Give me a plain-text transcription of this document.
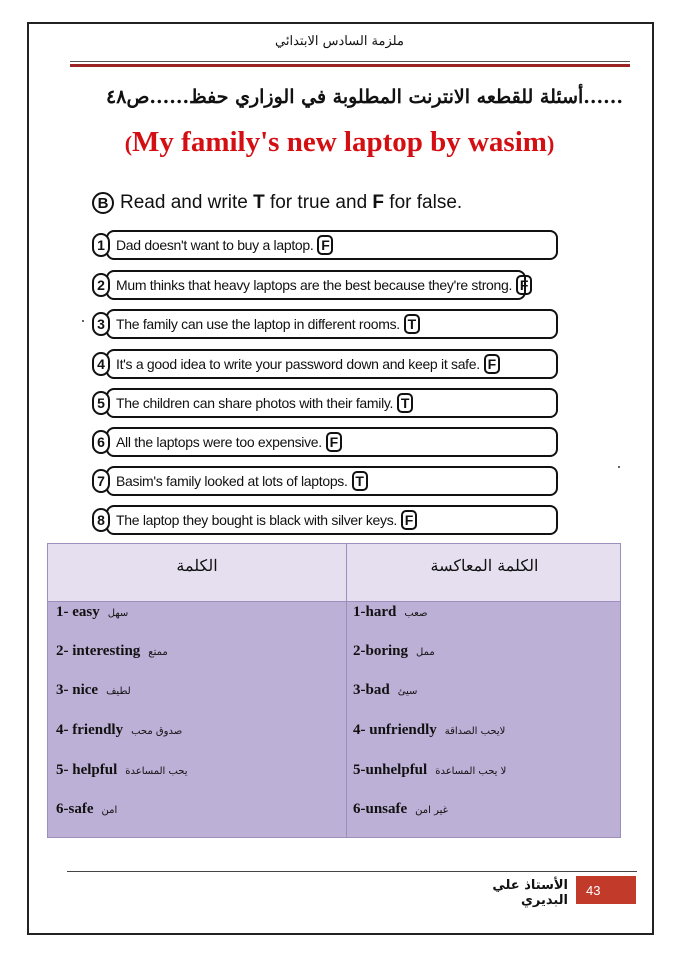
ملزمة السادس الابتدائي
......أسئلة للقطعه الانترنت المطلوبة في الوزاري حفظ......ص٤٨
(My family's new laptop by wasim)
B Read and write T for true and F for false.
1 Dad doesn't want to buy a laptop. F
2 Mum thinks that heavy laptops are the best because they're strong. F
3 The family can use the laptop in different rooms. T
4 It's a good idea to write your password down and keep it safe. F
5 The children can share photos with their family. T
6 All the laptops were too expensive. F
7 Basim's family looked at lots of laptops. T
8 The laptop they bought is black with silver keys. F
الكلمة	الكلمة المعاكسة
1- easy سهل	1-hard صعب
2- interesting ممتع	2-boring ممل
3- nice لطيف	3-bad سيئ
4- friendly صدوق محب	4- unfriendly لايحب الصداقة
5- helpful يحب المساعدة	5-unhelpful لا يحب المساعدة
6-safe امن	6-unsafe غير امن
الأستاذ علي البديري
43
